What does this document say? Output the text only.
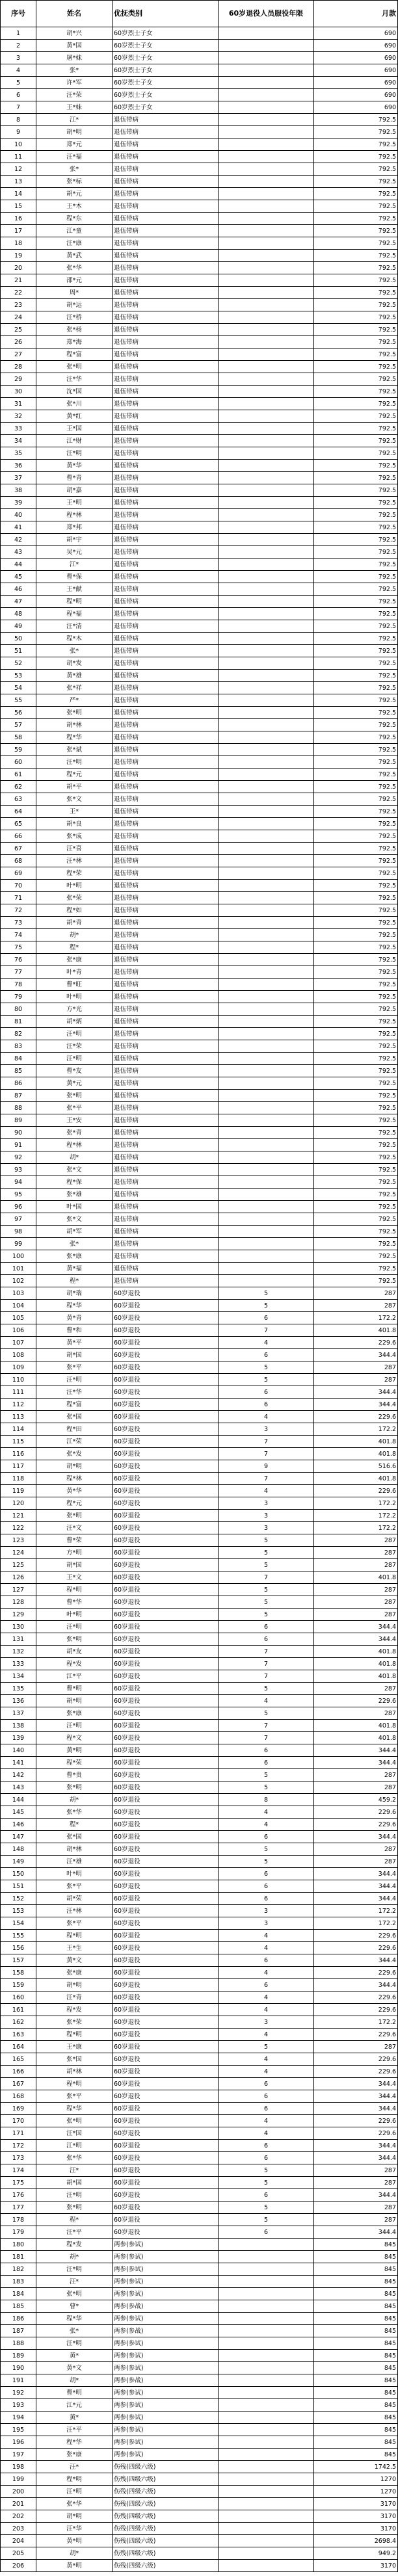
序号	姓名	优抚类别	60岁退役人员服役年限	月款
1	胡*兴	60岁烈士子女		690
2	黄*国	60岁烈士子女		690
3	屠*妹	60岁烈士子女		690
4	张*	60岁烈士子女		690
5	许*军	60岁烈士子女		690
6	汪*荣	60岁烈士子女		690
7	王*妹	60岁烈士子女		690
8	江*	退伍带病		792.5
9	胡*明	退伍带病		792.5
10	郑*元	退伍带病		792.5
11	汪*福	退伍带病		792.5
12	张*	退伍带病		792.5
13	张*标	退伍带病		792.5
14	胡*元	退伍带病		792.5
15	王*木	退伍带病		792.5
16	程*东	退伍带病		792.5
17	江*童	退伍带病		792.5
18	汪*康	退伍带病		792.5
19	黄*武	退伍带病		792.5
20	张*华	退伍带病		792.5
21	邵*元	退伍带病		792.5
22	周*	退伍带病		792.5
23	胡*运	退伍带病		792.5
24	汪*桥	退伍带病		792.5
25	张*杨	退伍带病		792.5
26	郑*海	退伍带病		792.5
27	程*富	退伍带病		792.5
28	张*明	退伍带病		792.5
29	汪*华	退伍带病		792.5
30	沈*国	退伍带病		792.5
31	张*川	退伍带病		792.5
32	黄*红	退伍带病		792.5
33	王*国	退伍带病		792.5
34	江*财	退伍带病		792.5
35	汪*明	退伍带病		792.5
36	黄*华	退伍带病		792.5
37	曹*青	退伍带病		792.5
38	胡*嘉	退伍带病		792.5
39	王*明	退伍带病		792.5
40	程*林	退伍带病		792.5
41	郑*邦	退伍带病		792.5
42	胡*宇	退伍带病		792.5
43	吴*元	退伍带病		792.5
44	江*	退伍带病		792.5
45	曹*保	退伍带病		792.5
46	王*献	退伍带病		792.5
47	程*明	退伍带病		792.5
48	程*福	退伍带病		792.5
49	汪*清	退伍带病		792.5
50	程*木	退伍带病		792.5
51	张*	退伍带病		792.5
52	胡*发	退伍带病		792.5
53	黄*雄	退伍带病		792.5
54	张*祥	退伍带病		792.5
55	严*	退伍带病		792.5
56	张*明	退伍带病		792.5
57	胡*林	退伍带病		792.5
58	程*华	退伍带病		792.5
59	张*斌	退伍带病		792.5
60	汪*明	退伍带病		792.5
61	程*元	退伍带病		792.5
62	胡*平	退伍带病		792.5
63	张*文	退伍带病		792.5
64	王*	退伍带病		792.5
65	胡*良	退伍带病		792.5
66	张*成	退伍带病		792.5
67	汪*喜	退伍带病		792.5
68	汪*林	退伍带病		792.5
69	程*荣	退伍带病		792.5
70	叶*明	退伍带病		792.5
71	张*荣	退伍带病		792.5
72	程*如	退伍带病		792.5
73	胡*青	退伍带病		792.5
74	胡*	退伍带病		792.5
75	程*	退伍带病		792.5
76	张*康	退伍带病		792.5
77	叶*青	退伍带病		792.5
78	曹*旺	退伍带病		792.5
79	叶*明	退伍带病		792.5
80	方*光	退伍带病		792.5
81	胡*炳	退伍带病		792.5
82	汪*明	退伍带病		792.5
83	汪*荣	退伍带病		792.5
84	汪*明	退伍带病		792.5
85	曹*友	退伍带病		792.5
86	黄*元	退伍带病		792.5
87	张*明	退伍带病		792.5
88	张*平	退伍带病		792.5
89	王*安	退伍带病		792.5
90	张*青	退伍带病		792.5
91	程*林	退伍带病		792.5
92	胡*	退伍带病		792.5
93	张*文	退伍带病		792.5
94	程*保	退伍带病		792.5
95	张*雄	退伍带病		792.5
96	叶*国	退伍带病		792.5
97	张*文	退伍带病		792.5
98	胡*军	退伍带病		792.5
99	张*	退伍带病		792.5
100	张*康	退伍带病		792.5
101	黄*福	退伍带病		792.5
102	程*	退伍带病		792.5
103	胡*瑞	60岁退役	5	287
104	程*华	60岁退役	5	287
105	黄*青	60岁退役	6	172.2
106	曹*和	60岁退役	7	401.8
107	黄*平	60岁退役	4	229.6
108	胡*国	60岁退役	6	344.4
109	张*平	60岁退役	5	287
110	汪*明	60岁退役	5	287
111	汪*华	60岁退役	6	344.4
112	程*富	60岁退役	6	344.4
113	张*国	60岁退役	4	229.6
114	程*田	60岁退役	3	172.2
115	江*荣	60岁退役	7	401.8
116	张*发	60岁退役	7	401.8
117	胡*明	60岁退役	9	516.6
118	程*林	60岁退役	7	401.8
119	黄*华	60岁退役	4	229.6
120	程*元	60岁退役	3	172.2
121	张*明	60岁退役	3	172.2
122	汪*文	60岁退役	3	172.2
123	曹*荣	60岁退役	5	287
124	方*明	60岁退役	5	287
125	胡*国	60岁退役	5	287
126	王*文	60岁退役	7	401.8
127	程*明	60岁退役	5	287
128	曹*华	60岁退役	5	287
129	叶*明	60岁退役	5	287
130	汪*明	60岁退役	6	344.4
131	张*明	60岁退役	6	344.4
132	胡*友	60岁退役	7	401.8
133	程*发	60岁退役	7	401.8
134	江*平	60岁退役	7	401.8
135	曹*明	60岁退役	5	287
136	胡*明	60岁退役	4	229.6
137	张*康	60岁退役	5	287
138	汪*明	60岁退役	7	401.8
139	程*文	60岁退役	7	401.8
140	黄*明	60岁退役	6	344.4
141	程*荣	60岁退役	6	344.4
142	曹*贵	60岁退役	5	287
143	张*明	60岁退役	5	287
144	胡*	60岁退役	8	459.2
145	张*华	60岁退役	4	229.6
146	程*	60岁退役	4	229.6
147	张*国	60岁退役	6	344.4
148	胡*林	60岁退役	5	287
149	汪*雄	60岁退役	5	287
150	叶*明	60岁退役	6	344.4
151	张*平	60岁退役	6	344.4
152	胡*荣	60岁退役	6	344.4
153	汪*林	60岁退役	3	172.2
154	张*平	60岁退役	3	172.2
155	程*明	60岁退役	4	229.6
156	王*生	60岁退役	4	229.6
157	黄*文	60岁退役	6	344.4
158	张*康	60岁退役	4	229.6
159	胡*明	60岁退役	6	344.4
160	汪*青	60岁退役	4	229.6
161	程*发	60岁退役	4	229.6
162	张*荣	60岁退役	3	172.2
163	程*明	60岁退役	4	229.6
164	王*康	60岁退役	5	287
165	张*国	60岁退役	4	229.6
166	胡*林	60岁退役	4	229.6
167	程*明	60岁退役	6	344.4
168	张*平	60岁退役	6	344.4
169	程*华	60岁退役	6	344.4
170	张*明	60岁退役	4	229.6
171	汪*国	60岁退役	4	229.6
172	江*明	60岁退役	6	344.4
173	张*华	60岁退役	6	344.4
174	汪*	60岁退役	5	287
175	胡*国	60岁退役	5	287
176	汪*明	60岁退役	6	344.4
177	张*明	60岁退役	5	287
178	程*	60岁退役	5	287
179	汪*平	60岁退役	6	344.4
180	程*发	两参(参试)		845
181	胡*	两参(参试)		845
182	汪*明	两参(参试)		845
183	汪*	两参(参试)		845
184	张*明	两参(参试)		845
185	曹*	两参(参战)		845
186	程*华	两参(参试)		845
187	张*	两参(参战)		845
188	汪*明	两参(参试)		845
189	黄*	两参(参试)		845
190	黄*文	两参(参试)		845
191	胡*	两参(参战)		845
192	曹*明	两参(参试)		845
193	江*元	两参(参试)		845
194	黄*	两参(参试)		845
195	汪*平	两参(参试)		845
196	程*华	两参(参试)		845
197	张*康	两参(参试)		845
198	汪*	伤残(四级六级)		1742.5
199	程*明	伤残(四级六级)		1270
200	汪*明	伤残(四级六级)		1270
201	张*华	伤残(四级六级)		3170
202	胡*明	伤残(四级六级)		3170
203	汪*华	伤残(四级六级)		3170
204	黄*明	伤残(四级六级)		2698.4
205	胡*	伤残(四级六级)		949.2
206	黄*明	伤残(四级六级)		3170
